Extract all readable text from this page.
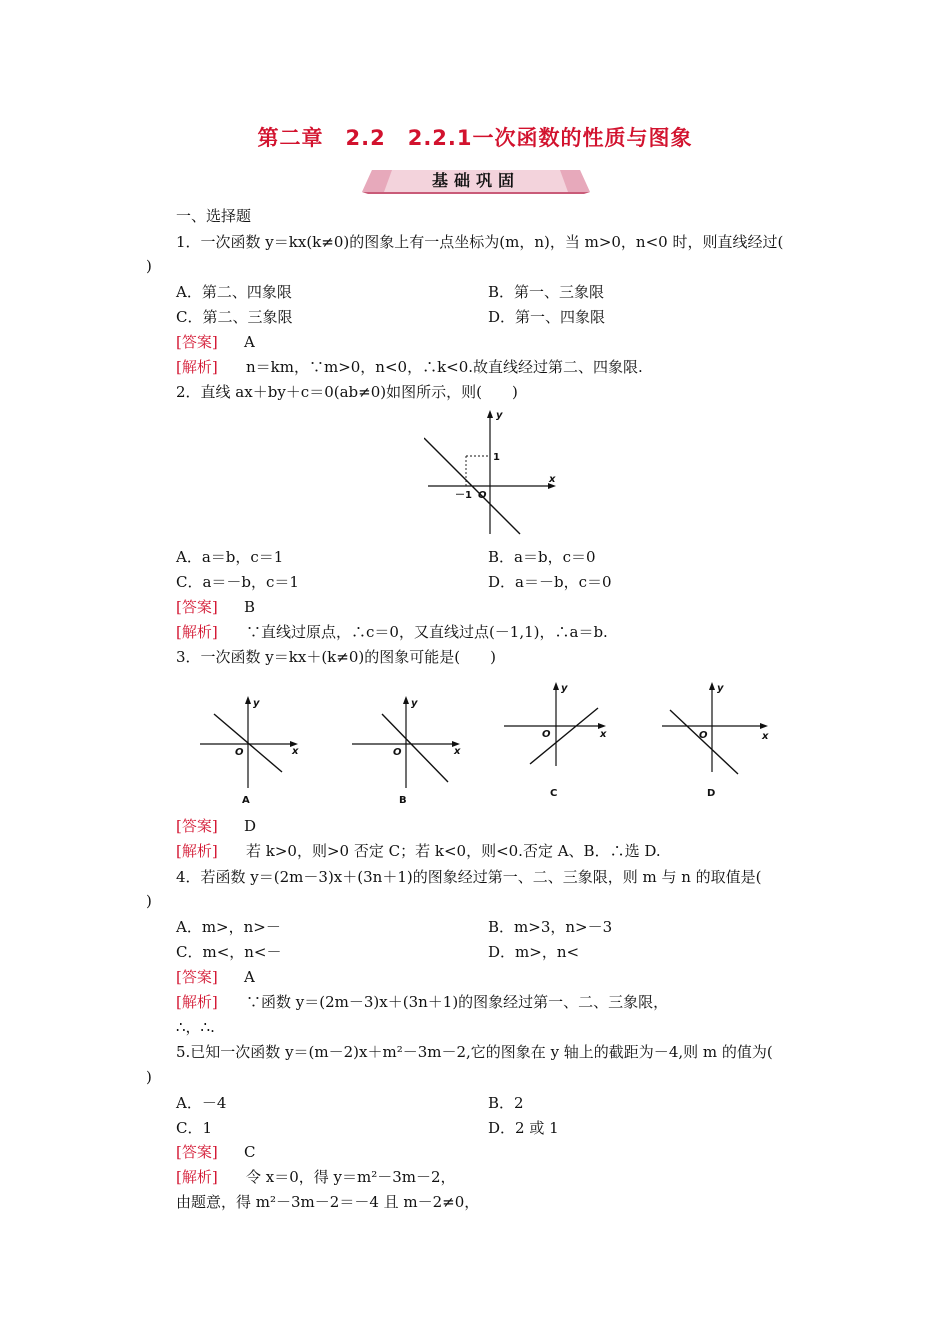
第二章　2.2　2.2.1一次函数的性质与图象
基础巩固
一、选择题
1．一次函数 y＝kx(k≠0)的图象上有一点坐标为(m，n)，当 m>0，n<0 时，则直线经过(
)
A．第二、四象限	B．第一、三象限
C．第二、三象限	D．第一、四象限
[答案] A
[解析] n＝km，∵m>0，n<0，∴k<0.故直线经过第二、四象限.
2．直线 ax＋by＋c＝0(ab≠0)如图所示，则(　　)
x
y
O
－1
1
A．a＝b，c＝1	B．a＝b，c＝0
C．a＝－b，c＝1	D．a＝－b，c＝0
[答案] B
[解析] ∵直线过原点，∴c＝0，又直线过点(－1,1)，∴a＝b.
3．一次函数 y＝kx＋(k≠0)的图象可能是(　　)
x
y
O
A
x
y
O
B
x
y
O
C
x
y
O
D
[答案] D
[解析] 若 k>0，则>0 否定 C；若 k<0，则<0.否定 A、B．∴选 D.
4．若函数 y＝(2m－3)x＋(3n＋1)的图象经过第一、二、三象限，则 m 与 n 的取值是(
)
A．m>，n>－	B．m>3，n>－3
C．m<，n<－	D．m>，n<
[答案] A
[解析] ∵函数 y＝(2m－3)x＋(3n＋1)的图象经过第一、二、三象限，
∴，∴.
5.已知一次函数 y＝(m－2)x＋m²－3m－2,它的图象在 y 轴上的截距为－4,则 m 的值为(
)
A．－4	B．2
C．1	D．2 或 1
[答案] C
[解析] 令 x＝0，得 y＝m²－3m－2，
由题意，得 m²－3m－2＝－4 且 m－2≠0，
